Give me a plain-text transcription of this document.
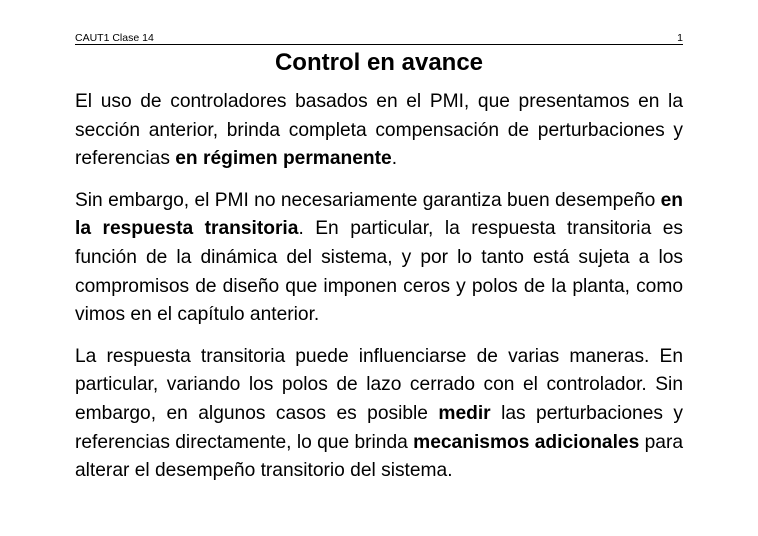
CAUT1 Clase 14	1
Control en avance

El uso de controladores basados en el PMI, que presentamos en la sección anterior, brinda completa compensación de perturbaciones y referencias en régimen permanente.

Sin embargo, el PMI no necesariamente garantiza buen desempeño en la respuesta transitoria. En particular, la respuesta transitoria es función de la dinámica del sistema, y por lo tanto está sujeta a los compromisos de diseño que imponen ceros y polos de la planta, como vimos en el capítulo anterior.

La respuesta transitoria puede influenciarse de varias maneras. En particular, variando los polos de lazo cerrado con el controlador. Sin embargo, en algunos casos es posible medir las perturbaciones y referencias directamente, lo que brinda mecanismos adicionales para alterar el desempeño transitorio del sistema.
